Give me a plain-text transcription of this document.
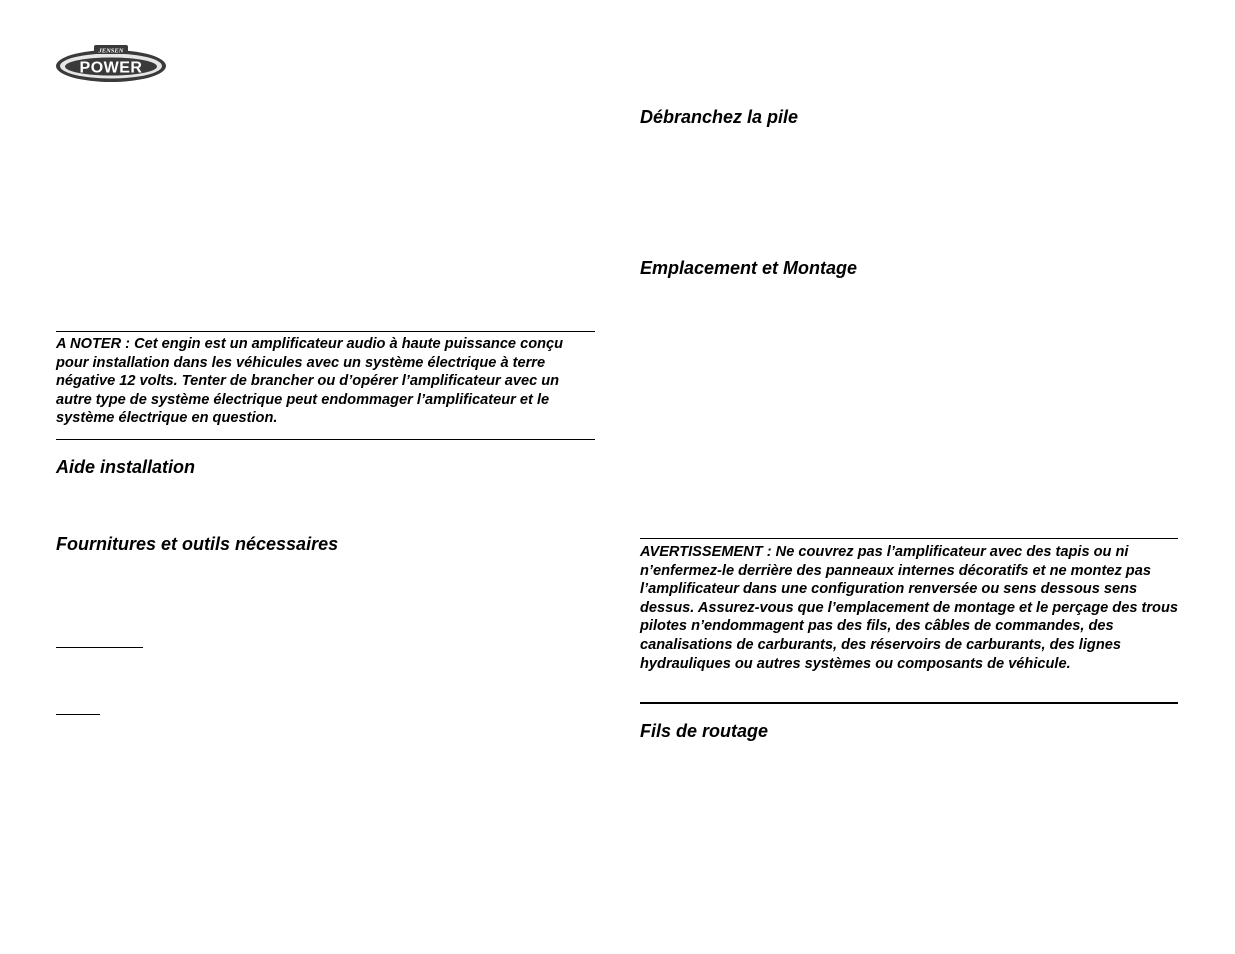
JENSEN
POWER

A NOTER : Cet engin est un amplificateur audio à haute puissance conçu pour installation dans les véhicules avec un système électrique à terre négative 12 volts. Tenter de brancher ou d’opérer l’amplificateur avec un autre type de système électrique peut endommager l’amplificateur et le système électrique en question.

Aide installation
Fournitures et outils nécessaires
Débranchez la pile
Emplacement et Montage

AVERTISSEMENT : Ne couvrez pas l’amplificateur avec des tapis ou ni n’enfermez-le derrière des panneaux internes décoratifs et ne montez pas l’amplificateur dans une configuration renversée ou sens dessous sens dessus. Assurez-vous que l’emplacement de montage et le perçage des trous pilotes n’endommagent pas des fils, des câbles de commandes, des canalisations de carburants, des réservoirs de carburants, des lignes hydrauliques ou autres systèmes ou composants de véhicule.

Fils de routage
